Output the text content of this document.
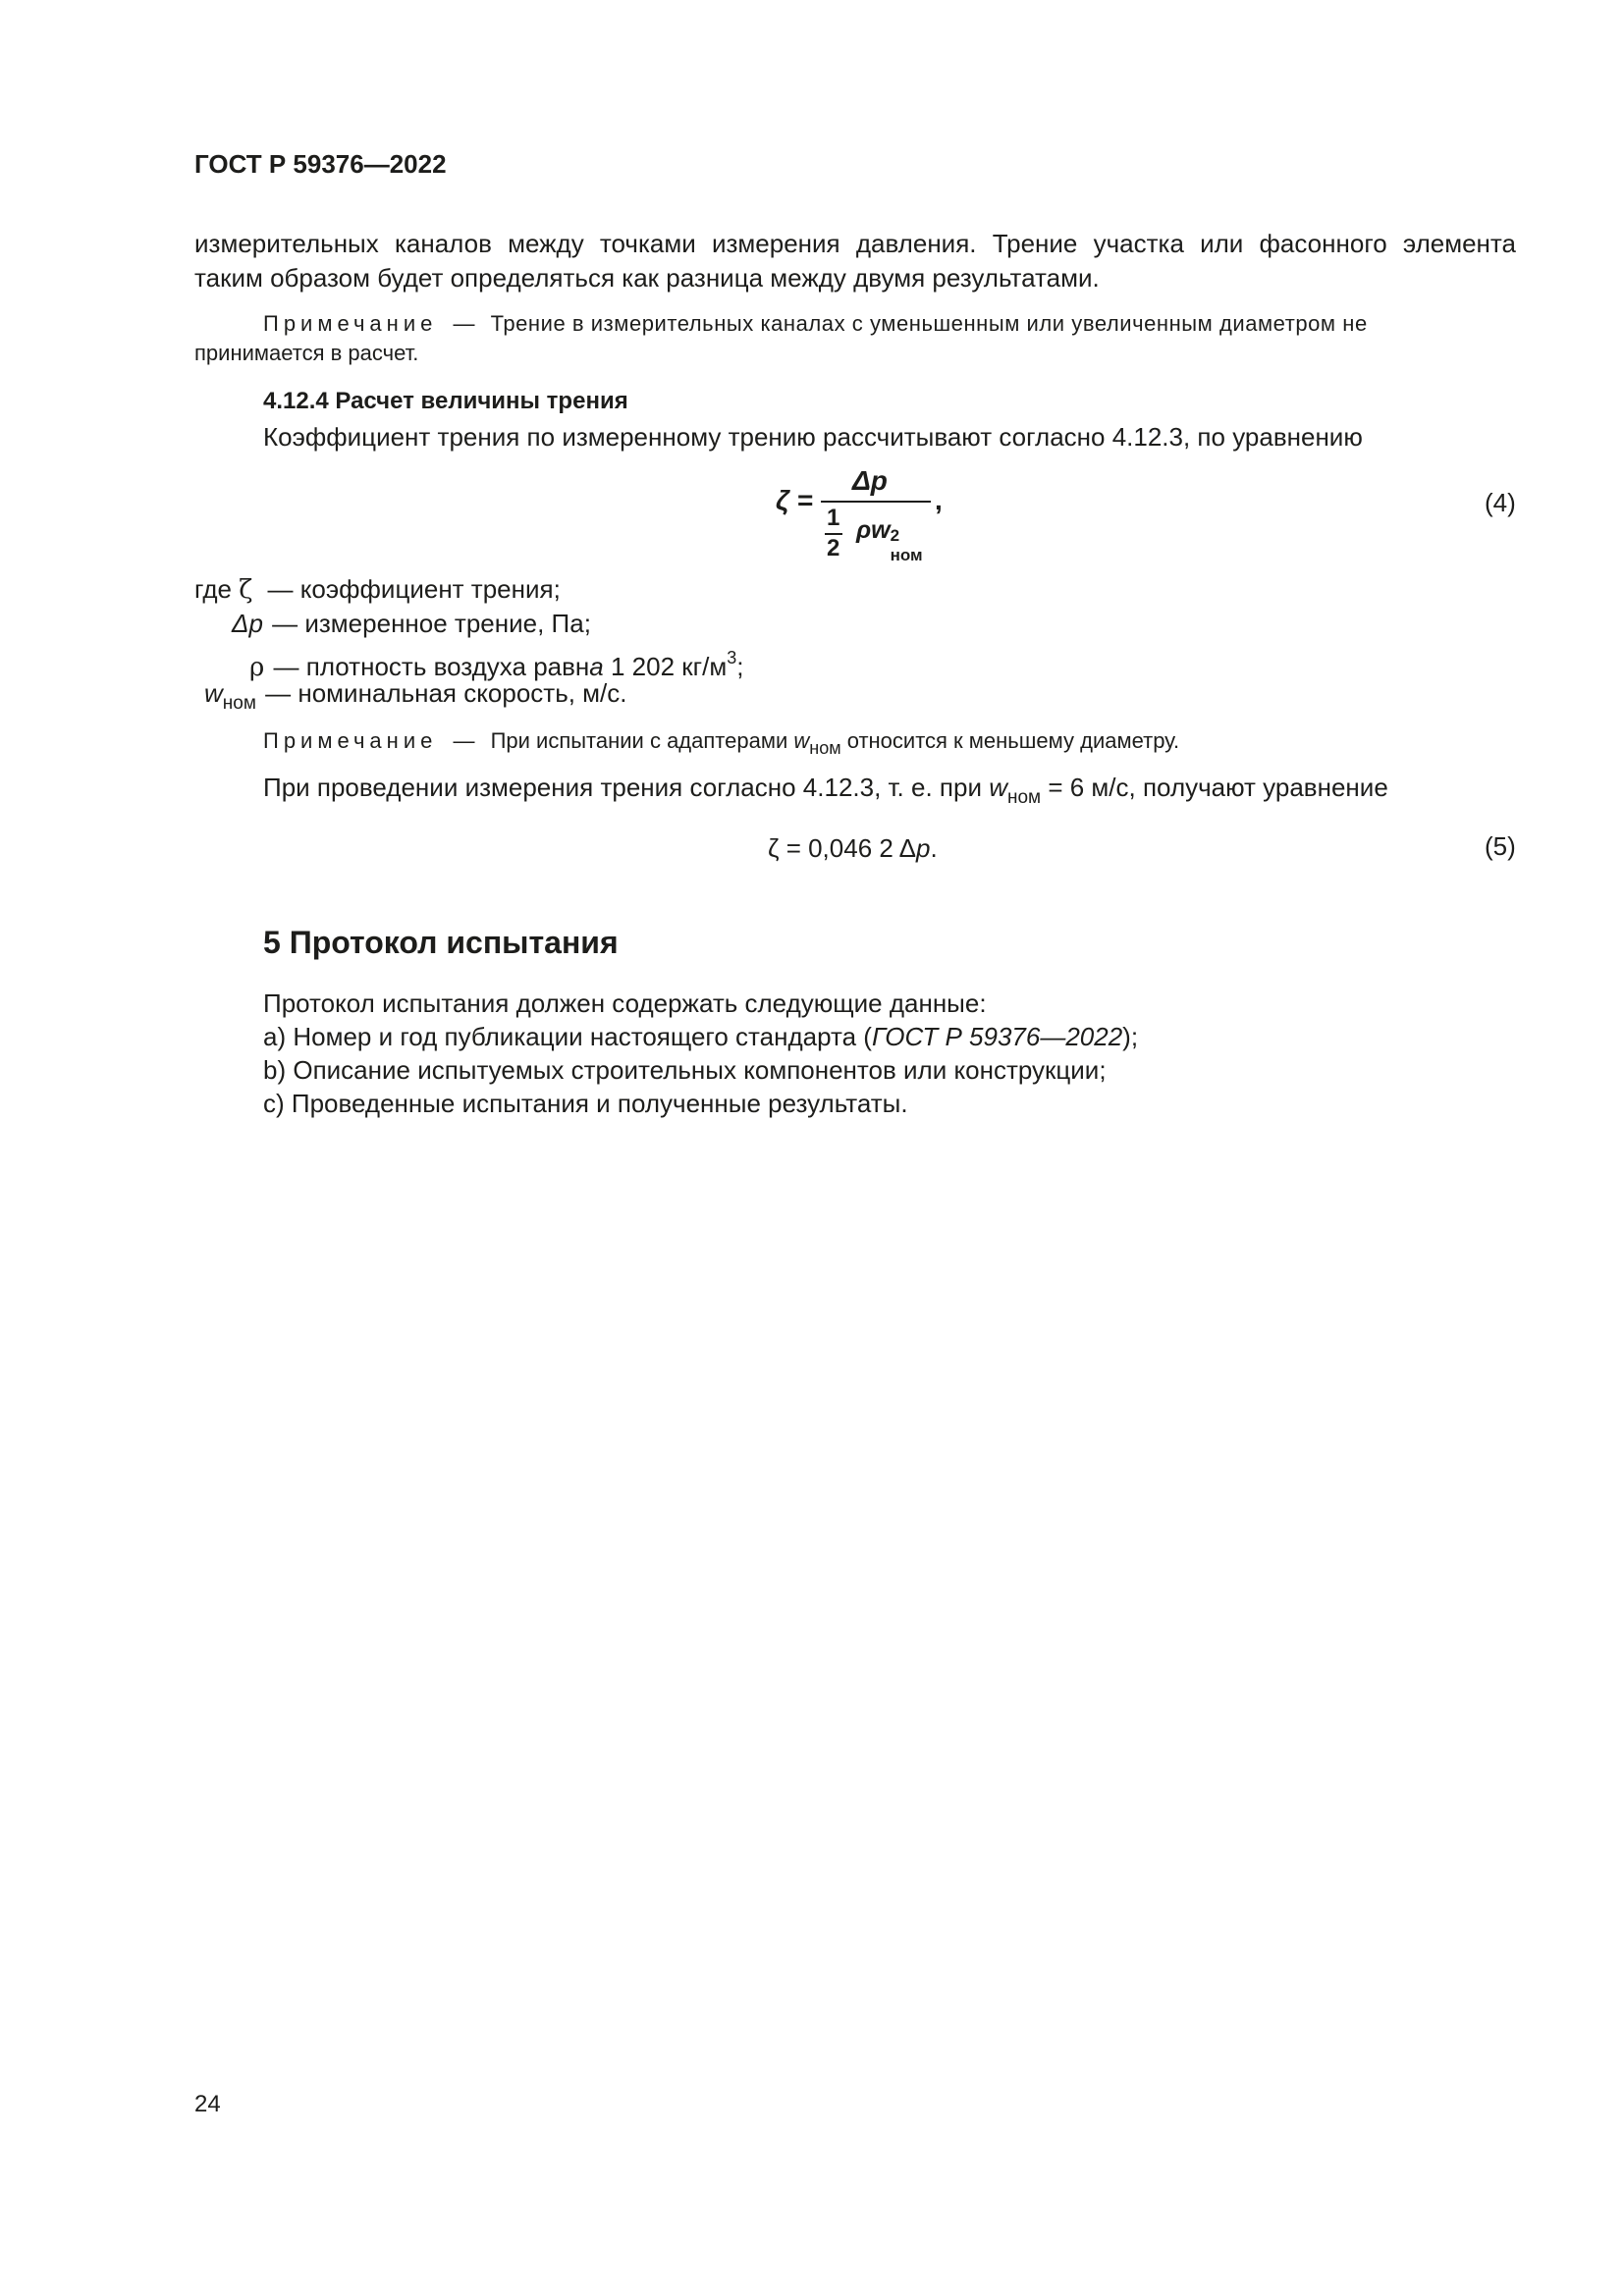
ГОСТ Р 59376—2022
измерительных каналов между точками измерения давления. Трение участка или фасонного элемента
таким образом будет определяться как разница между двумя результатами.
Примечание — Трение в измерительных каналах с уменьшенным или увеличенным диаметром не
принимается в расчет.
4.12.4 Расчет величины трения
Коэффициент трения по измеренному трению рассчитывают согласно 4.12.3, по уравнению
ζ =
Δp
1
2
ρw 2
ном
,	(4)
где ζ — коэффициент трения;
Δp — измеренное трение, Па;
ρ — плотность воздуха равна 1 202 $кг/м^3$;
$w_{ном}$ — номинальная скорость, м/с.
Примечание — При испытании с адаптерами $w_{ном}$ относится к меньшему диаметру.
При проведении измерения трения согласно 4.12.3, т. е. при $w_{ном} = 6$ м/с, получают уравнение
ζ = 0,046 2 Δp.	(5)
5 Протокол испытания
Протокол испытания должен содержать следующие данные:
a) Номер и год публикации настоящего стандарта (ГОСТ Р 59376—2022);
b) Описание испытуемых строительных компонентов или конструкции;
c) Проведенные испытания и полученные результаты.
24
